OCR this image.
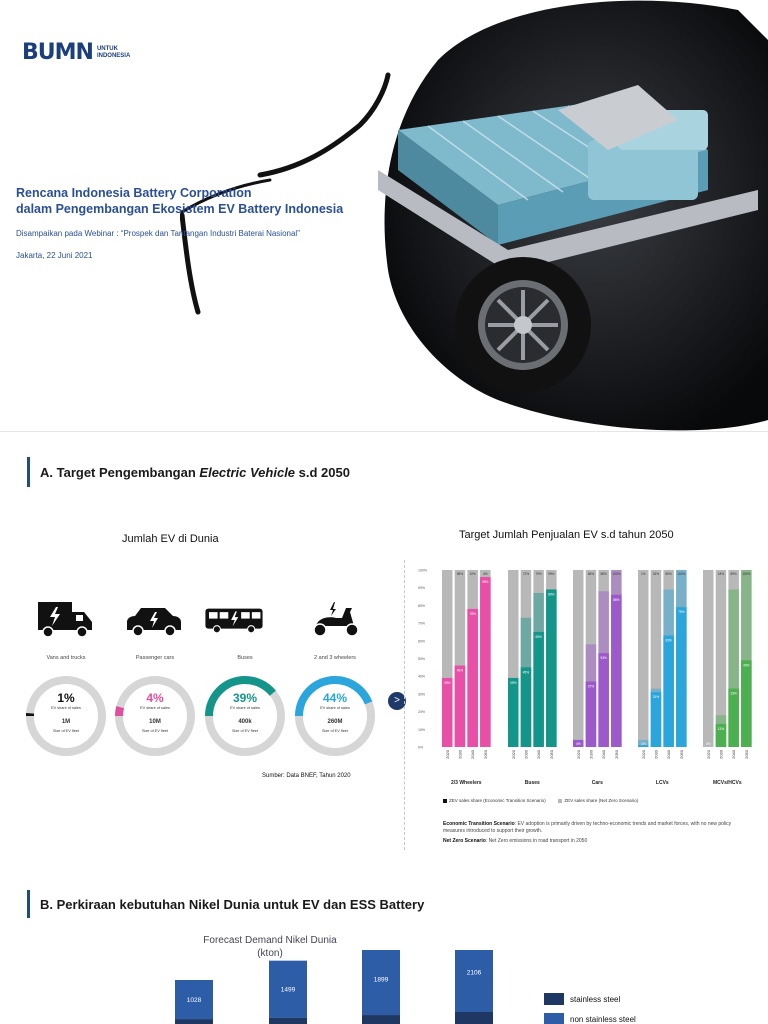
BUMN UNTUK INDONESIA
Rencana Indonesia Battery Corporation
dalam Pengembangan Ekosistem EV Battery Indonesia
Disampaikan pada Webinar : “Prospek dan Tantangan Industri Baterai Nasional”
Jakarta, 22 Juni 2021
A. Target Pengembangan Electric Vehicle s.d 2050
Jumlah EV di Dunia	Target Jumlah Penjualan EV s.d tahun 2050
Vans and trucks
1%
EV share of sales
1M
Size of EV fleet
Passenger cars
4%
EV share of sales
10M
Size of EV fleet
Buses
39%
EV share of sales
400k
Size of EV fleet
2 and 3 wheelers
44%
EV share of sales
260M
Size of EV fleet
Sumber: Data BNEF, Tahun 2020
>
0%
10%
20%
30%
40%
50%
60%
70%
80%
90%
100%
39%
2020
46%
58%
2030
78%
10%
2040
96%
4%
2050
2/3 Wheelers
39%
2020
45%
72%
2030
65%
79%
2040
89%
99%
2050
Buses
4%
2020
37%
58%
2030
53%
88%
2040
86%
100%
2050
Cars
1%
1%
2020
31%
33%
2030
63%
89%
2040
79%
100%
2050
LCVs
0%
2020
13%
18%
2030
33%
89%
2040
49%
100%
2050
MCVs/HCVs
ZEV sales share (Economic Transition Scenario)	ZEV sales share (Net Zero Scenario)
Economic Transition Scenario: EV adoption is primarily driven by techno-economic trends and market forces, with no new policy measures introduced to support their growth.
Net Zero Scenario: Net Zero emissions in road transport in 2050
B. Perkiraan kebutuhan Nikel Dunia untuk EV dan ESS Battery
Forecast Demand Nikel Dunia
(kton)
1028
1499
1899
2106
stainless steel
non stainless steel
